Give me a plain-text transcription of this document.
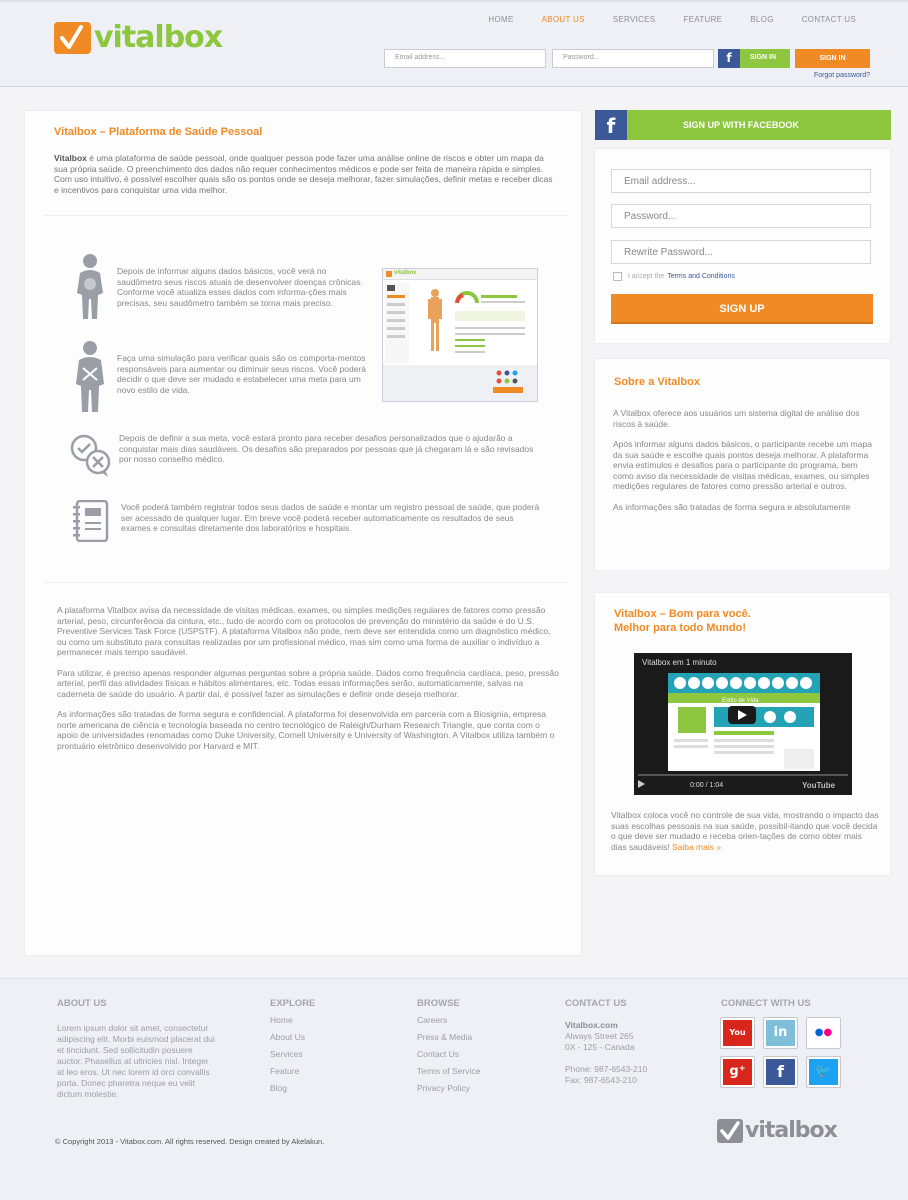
vitalbox
HOME	ABOUT US	SERVICES	FEATURE	BLOG	CONTACT US
Email address...	Password...	f	SIGN IN	SIGN IN
Forgot password?
Vitalbox – Plataforma de Saúde Pessoal
Vitalbox é uma plataforma de saúde pessoal, onde qualquer pessoa pode fazer uma análise online de riscos e obter um mapa da sua própria saúde. O preenchimento dos dados não requer conhecimentos médicos e pode ser feita de maneira rápida e simples. Com uso intuitivo, é possível escolher quais são os pontos onde se deseja melhorar, fazer simulações, definir metas e receber dicas e incentivos para conquistar uma vida melhor.
Depois de informar alguns dados básicos, você verá no saudômetro seus riscos atuais de desenvolver doenças crônicas. Conforme você atualiza esses dados com informa-ções mais precisas, seu saudômetro também se torna mais preciso.
Faça uma simulação para verificar quais são os comporta-mentos responsáveis para aumentar ou diminuir seus riscos. Você poderá decidir o que deve ser mudado e estabelecer uma meta para um novo estilo de vida.
vitalbox
Depois de definir a sua meta, você estará pronto para receber desafios personalizados que o ajudarão a conquistar mais dias saudáveis. Os desafios são preparados por pessoas que já chegaram lá e são revisados por nosso conselho médico.
Você poderá também registrar todos seus dados de saúde e montar um registro pessoal de saúde, que poderá ser acessado de qualquer lugar. Em breve você poderá receber automaticamente os resultados de seus exames e consultas diretamente dos laboratórios e hospitais.

A plataforma Vitalbox avisa da necessidade de visitas médicas, exames, ou simples medições regulares de fatores como pressão arterial, peso, circunferência da cintura, etc., tudo de acordo com os protocolos de prevenção do ministério da saúde e do U.S. Preventive Services Task Force (USPSTF). A plataforma Vitalbox não pode, nem deve ser entendida como um diagnóstico médico, ou como um substituto para consultas realizadas por um profissional médico, mas sim como uma forma de auxiliar o indivíduo a permanecer mais tempo saudável.

Para utilizar, é preciso apenas responder algumas perguntas sobre a própria saúde. Dados como frequência cardíaca, peso, pressão arterial, perfil das atividades físicas e hábitos alimentares, etc. Todas essas informações serão, automaticamente, salvas na caderneta de saúde do usuário. A partir daí, é possível fazer as simulações e definir onde deseja melhorar.

As informações são tratadas de forma segura e confidencial. A plataforma foi desenvolvida em parceria com a Biosignia, empresa norte americana de ciência e tecnologia baseada no centro tecnológico de Raleigh/Durham Research Triangle, que conta com o apoio de universidades renomadas como Duke University, Cornell University e University of Washington. A Vitalbox utiliza também o prontuário eletrônico desenvolvido por Harvard e MIT.

f	SIGN UP WITH FACEBOOK
Email address...
Password...
Rewrite Password...
I accept the Terms and Conditions
SIGN UP
Sobre a Vitalbox

A Vitalbox oferece aos usuários um sistema digital de análise dos riscos à saúde.

Após informar alguns dados básicos, o participante recebe um mapa da sua saúde e escolhe quais pontos deseja melhorar. A plataforma envia estímulos e desafios para o participante do programa, bem como aviso da necessidade de visitas médicas, exames, ou simples medições regulares de fatores como pressão arterial e outros.

As informações são tratadas de forma segura e absolutamente

Vitalbox – Bom para você.
Melhor para todo Mundo!
Vitalbox em 1 minuto
Estilo de Vida
0:00 / 1:04	YouTube
Vitalbox coloca você no controle de sua vida, mostrando o impacto das suas escolhas pessoais na sua saúde, possibil-itando que você decida o que deve ser mudado e receba orien-tações de como obter mais dias saudáveis! Saiba mais »
ABOUT US
Lorem ipsum dolor sit amet, consectetur adipiscing elit. Morbi euismod placerat dui et tincidunt. Sed sollicitudin posuere auctor. Phasellus at ultricies nisl. Integer at leo eros. Ut nec lorem id orci convallis porta. Donec pharetra neque eu velit dictum molestie.
EXPLORE
Home
About Us
Services
Feature
Blog
BROWSE
Careers
Press & Media
Contact Us
Terms of Service
Privacy Policy
CONTACT US
Vitalbox.com
Always Street 265
0X - 125 - Canada
Phone: 987-6543-210
Fax: 987-6543-210
CONNECT WITH US
You	in	●●
g⁺	f	🐦
© Copyright 2013 - Vitabox.com. All rights reserved. Design created by Akelakun.	vitalbox
